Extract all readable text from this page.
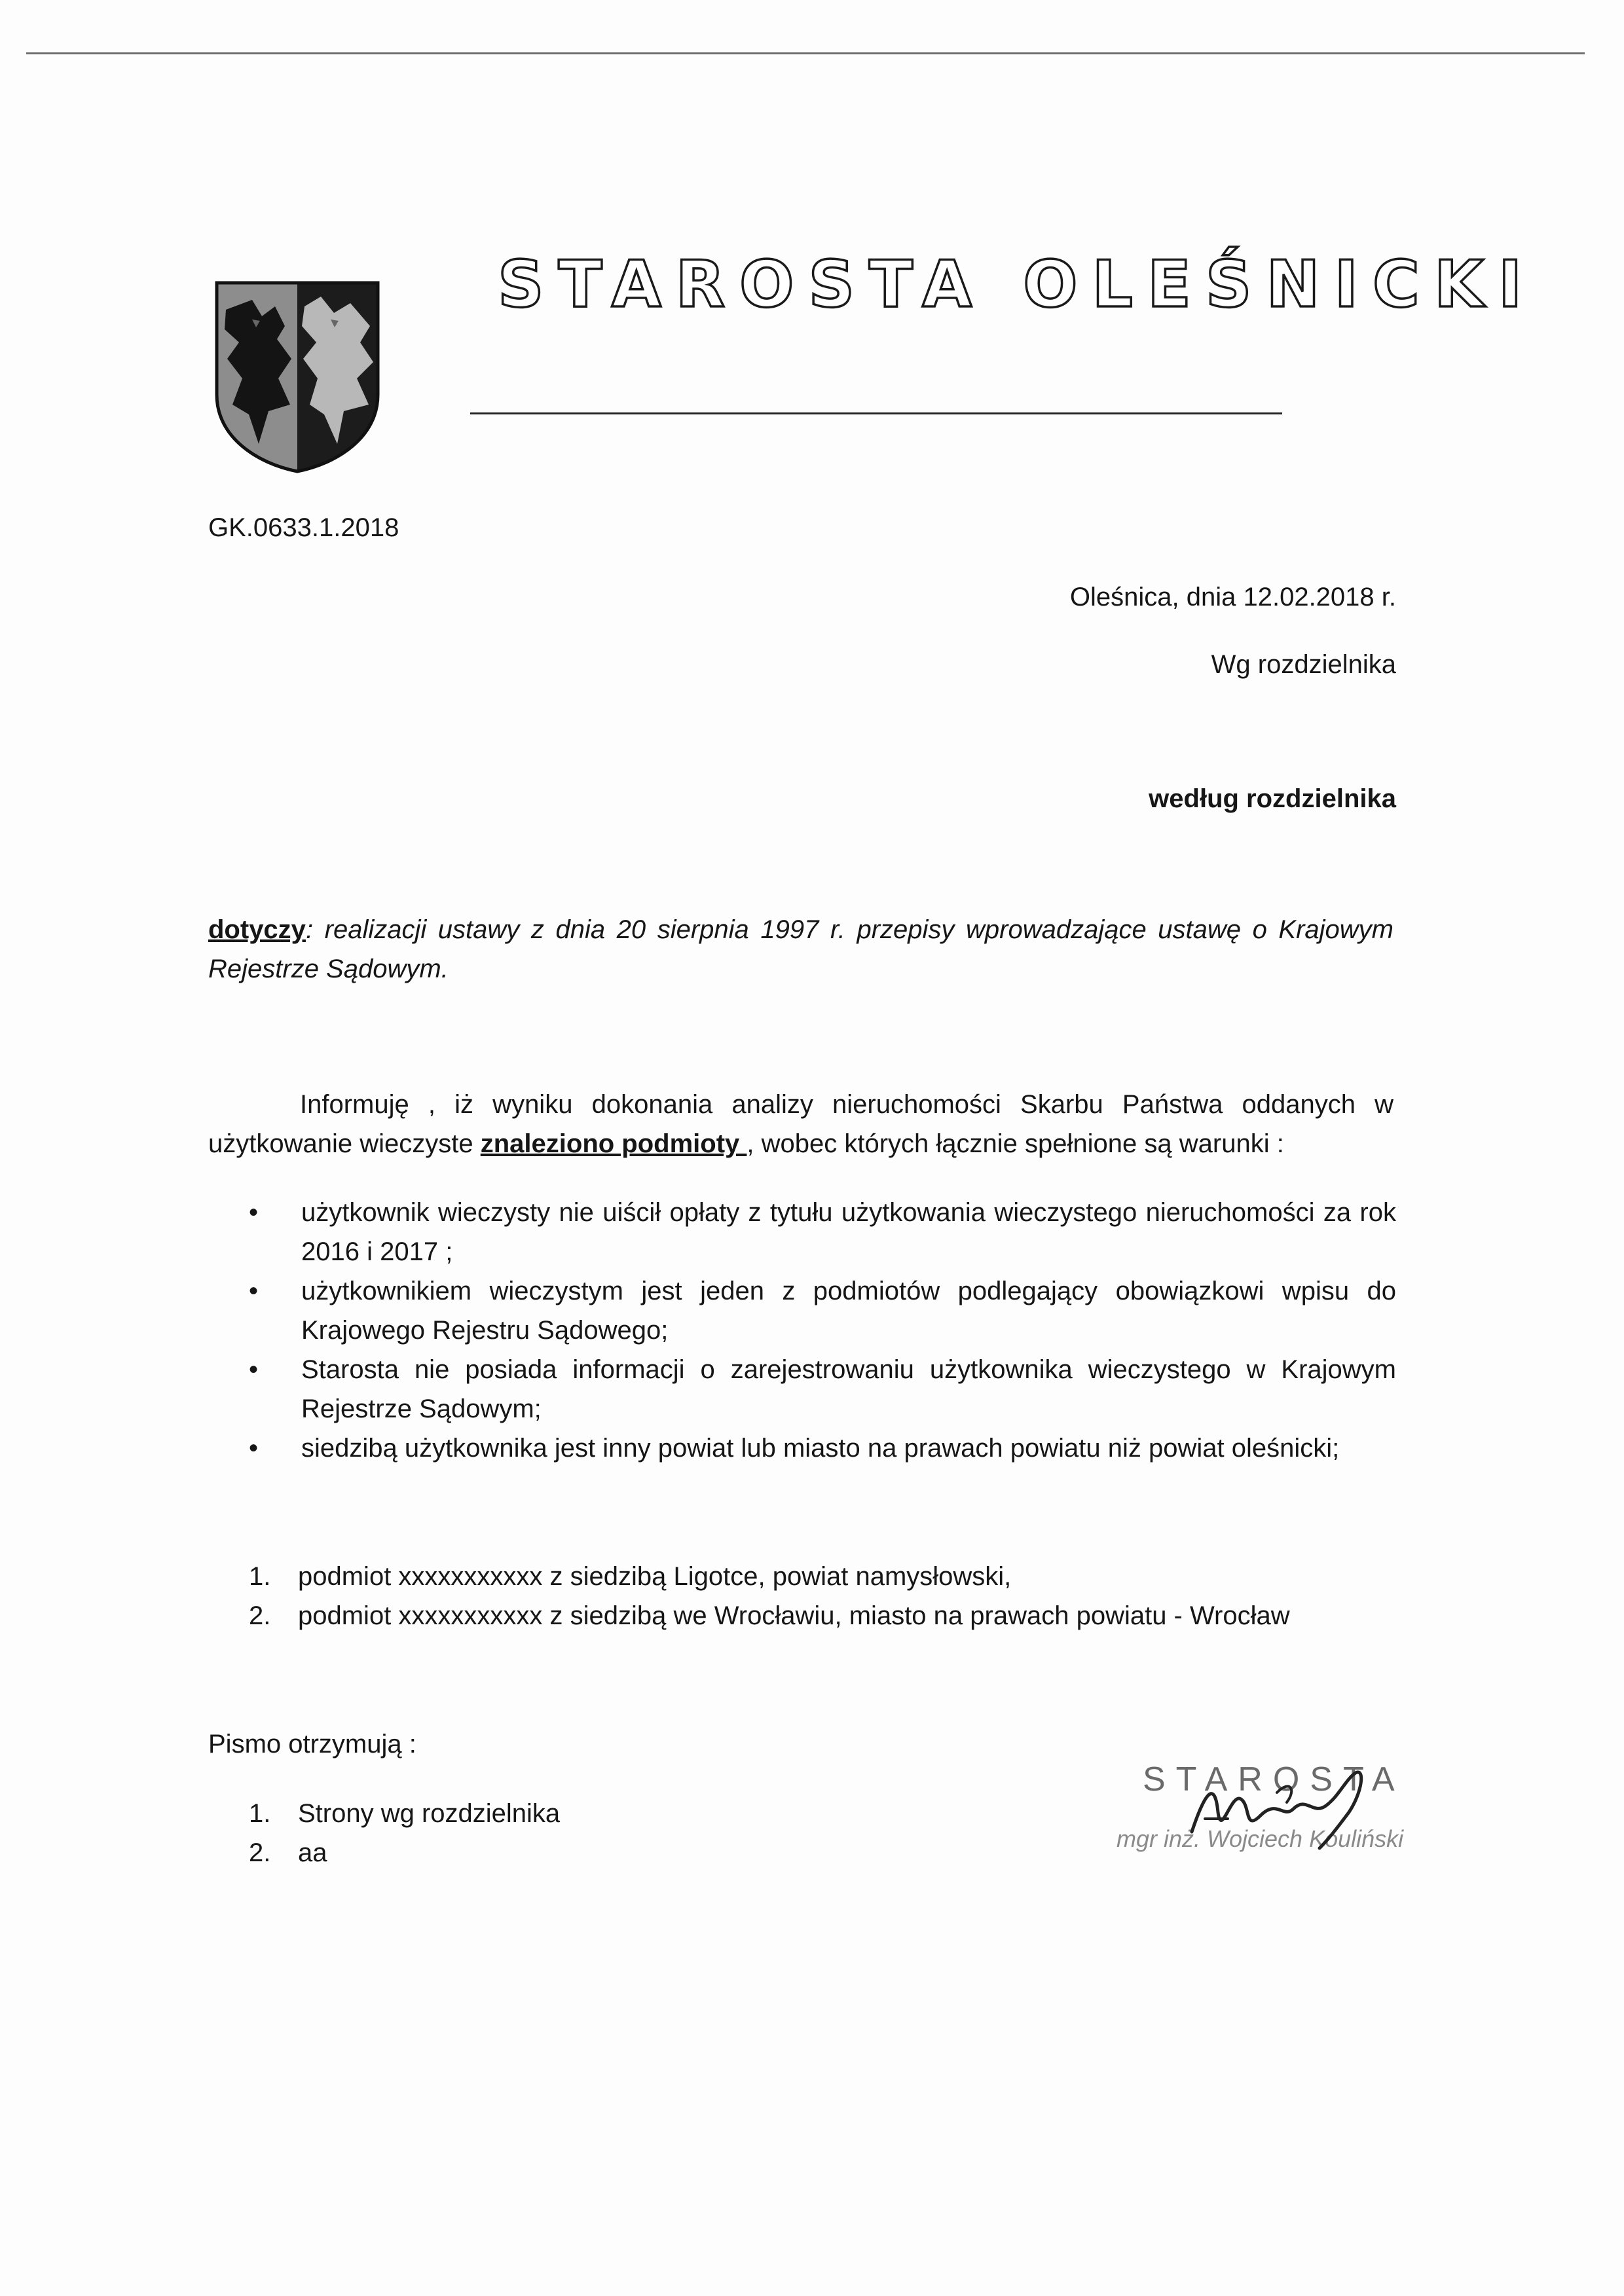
STAROSTA OLEŚNICKI
GK.0633.1.2018
Oleśnica, dnia 12.02.2018 r.
Wg rozdzielnika
według rozdzielnika
dotyczy: realizacji ustawy z dnia 20 sierpnia 1997 r. przepisy wprowadzające ustawę o Krajowym Rejestrze Sądowym.
Informuję , iż wyniku dokonania analizy nieruchomości Skarbu Państwa oddanych w użytkowanie wieczyste znaleziono podmioty , wobec których łącznie spełnione są warunki :
• użytkownik wieczysty nie uiścił opłaty z tytułu użytkowania wieczystego nieruchomości za rok 2016 i 2017 ;
• użytkownikiem wieczystym jest jeden z podmiotów podlegający obowiązkowi wpisu do Krajowego Rejestru Sądowego;
• Starosta nie posiada informacji o zarejestrowaniu użytkownika wieczystego w Krajowym Rejestrze Sądowym;
• siedzibą użytkownika jest inny powiat lub miasto na prawach powiatu niż powiat oleśnicki;
1.	podmiot xxxxxxxxxxx z siedzibą Ligotce, powiat namysłowski,
2.	podmiot xxxxxxxxxxx z siedzibą we Wrocławiu, miasto na prawach powiatu - Wrocław
Pismo otrzymują :
1.	Strony wg rozdzielnika
2.	aa
STAROSTA
mgr inż. Wojciech Kouliński
